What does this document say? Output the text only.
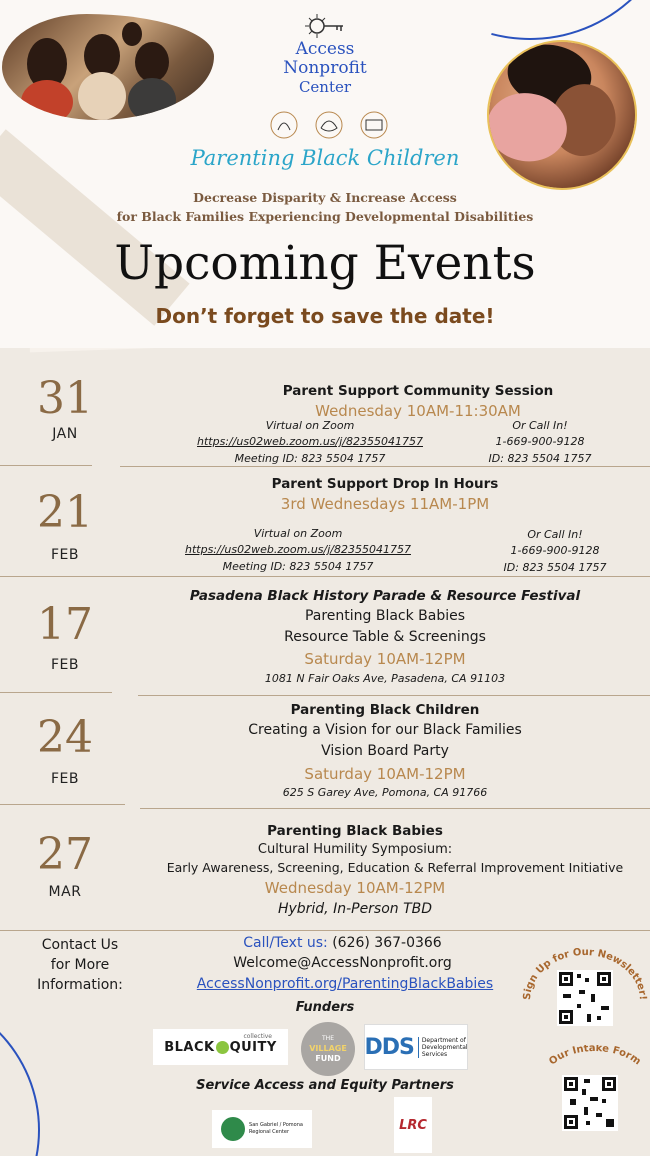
Access
Nonprofit
Center
Parenting Black Children
Decrease Disparity & Increase Access
for Black Families Experiencing Developmental Disabilities
Upcoming Events
Don’t forget to save the date!
31
JAN
Parent Support Community Session
Wednesday 10AM-11:30AM
Virtual on Zoom
https://us02web.zoom.us/j/82355041757
Meeting ID: 823 5504 1757
Or Call In!
1-669-900-9128
ID: 823 5504 1757
21
FEB
Parent Support Drop In Hours
3rd Wednesdays 11AM-1PM
Virtual on Zoom
https://us02web.zoom.us/j/82355041757
Meeting ID: 823 5504 1757
Or Call In!
1-669-900-9128
ID: 823 5504 1757
17
FEB
Pasadena Black History Parade & Resource Festival
Parenting Black Babies
Resource Table & Screenings
Saturday 10AM-12PM
1081 N Fair Oaks Ave, Pasadena, CA 91103
24
FEB
Parenting Black Children
Creating a Vision for our Black Families
Vision Board Party
Saturday 10AM-12PM
625 S Garey Ave, Pomona, CA 91766
27
MAR
Parenting Black Babies
Cultural Humility Symposium:
Early Awareness, Screening, Education & Referral Improvement Initiative
Wednesday 10AM-12PM
Hybrid, In-Person TBD
Contact Us
for More
Information:
Call/Text us: (626) 367-0366
Welcome@AccessNonprofit.org
AccessNonprofit.org/ParentingBlackBabies
Funders
BLACK QUITY
collective	THE
VILLAGE
FUND DDS Department of
Developmental
Services
Service Access and Equity Partners
San Gabriel / Pomona
Regional Center	LRC
Sign Up for Our Newsletter!
Our Intake Form
